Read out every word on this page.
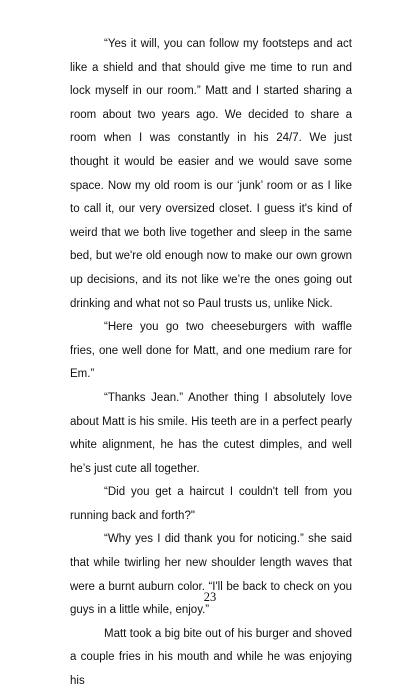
“Yes it will, you can follow my footsteps and act like a shield and that should give me time to run and lock myself in our room.” Matt and I started sharing a room about two years ago. We decided to share a room when I was constantly in his 24/7. We just thought it would be easier and we would save some space. Now my old room is our ‘junk’ room or as I like to call it, our very oversized closet. I guess it's kind of weird that we both live together and sleep in the same bed, but we're old enough now to make our own grown up decisions, and its not like we’re the ones going out drinking and what not so Paul trusts us, unlike Nick.

“Here you go two cheeseburgers with waffle fries, one well done for Matt, and one medium rare for Em.”

“Thanks Jean.” Another thing I absolutely love about Matt is his smile. His teeth are in a perfect pearly white alignment, he has the cutest dimples, and well he’s just cute all together.

“Did you get a haircut I couldn't tell from you running back and forth?"

“Why yes I did thank you for noticing.” she said that while twirling her new shoulder length waves that were a burnt auburn color. “I'll be back to check on you guys in a little while, enjoy.”

Matt took a big bite out of his burger and shoved a couple fries in his mouth and while he was enjoying his

23
